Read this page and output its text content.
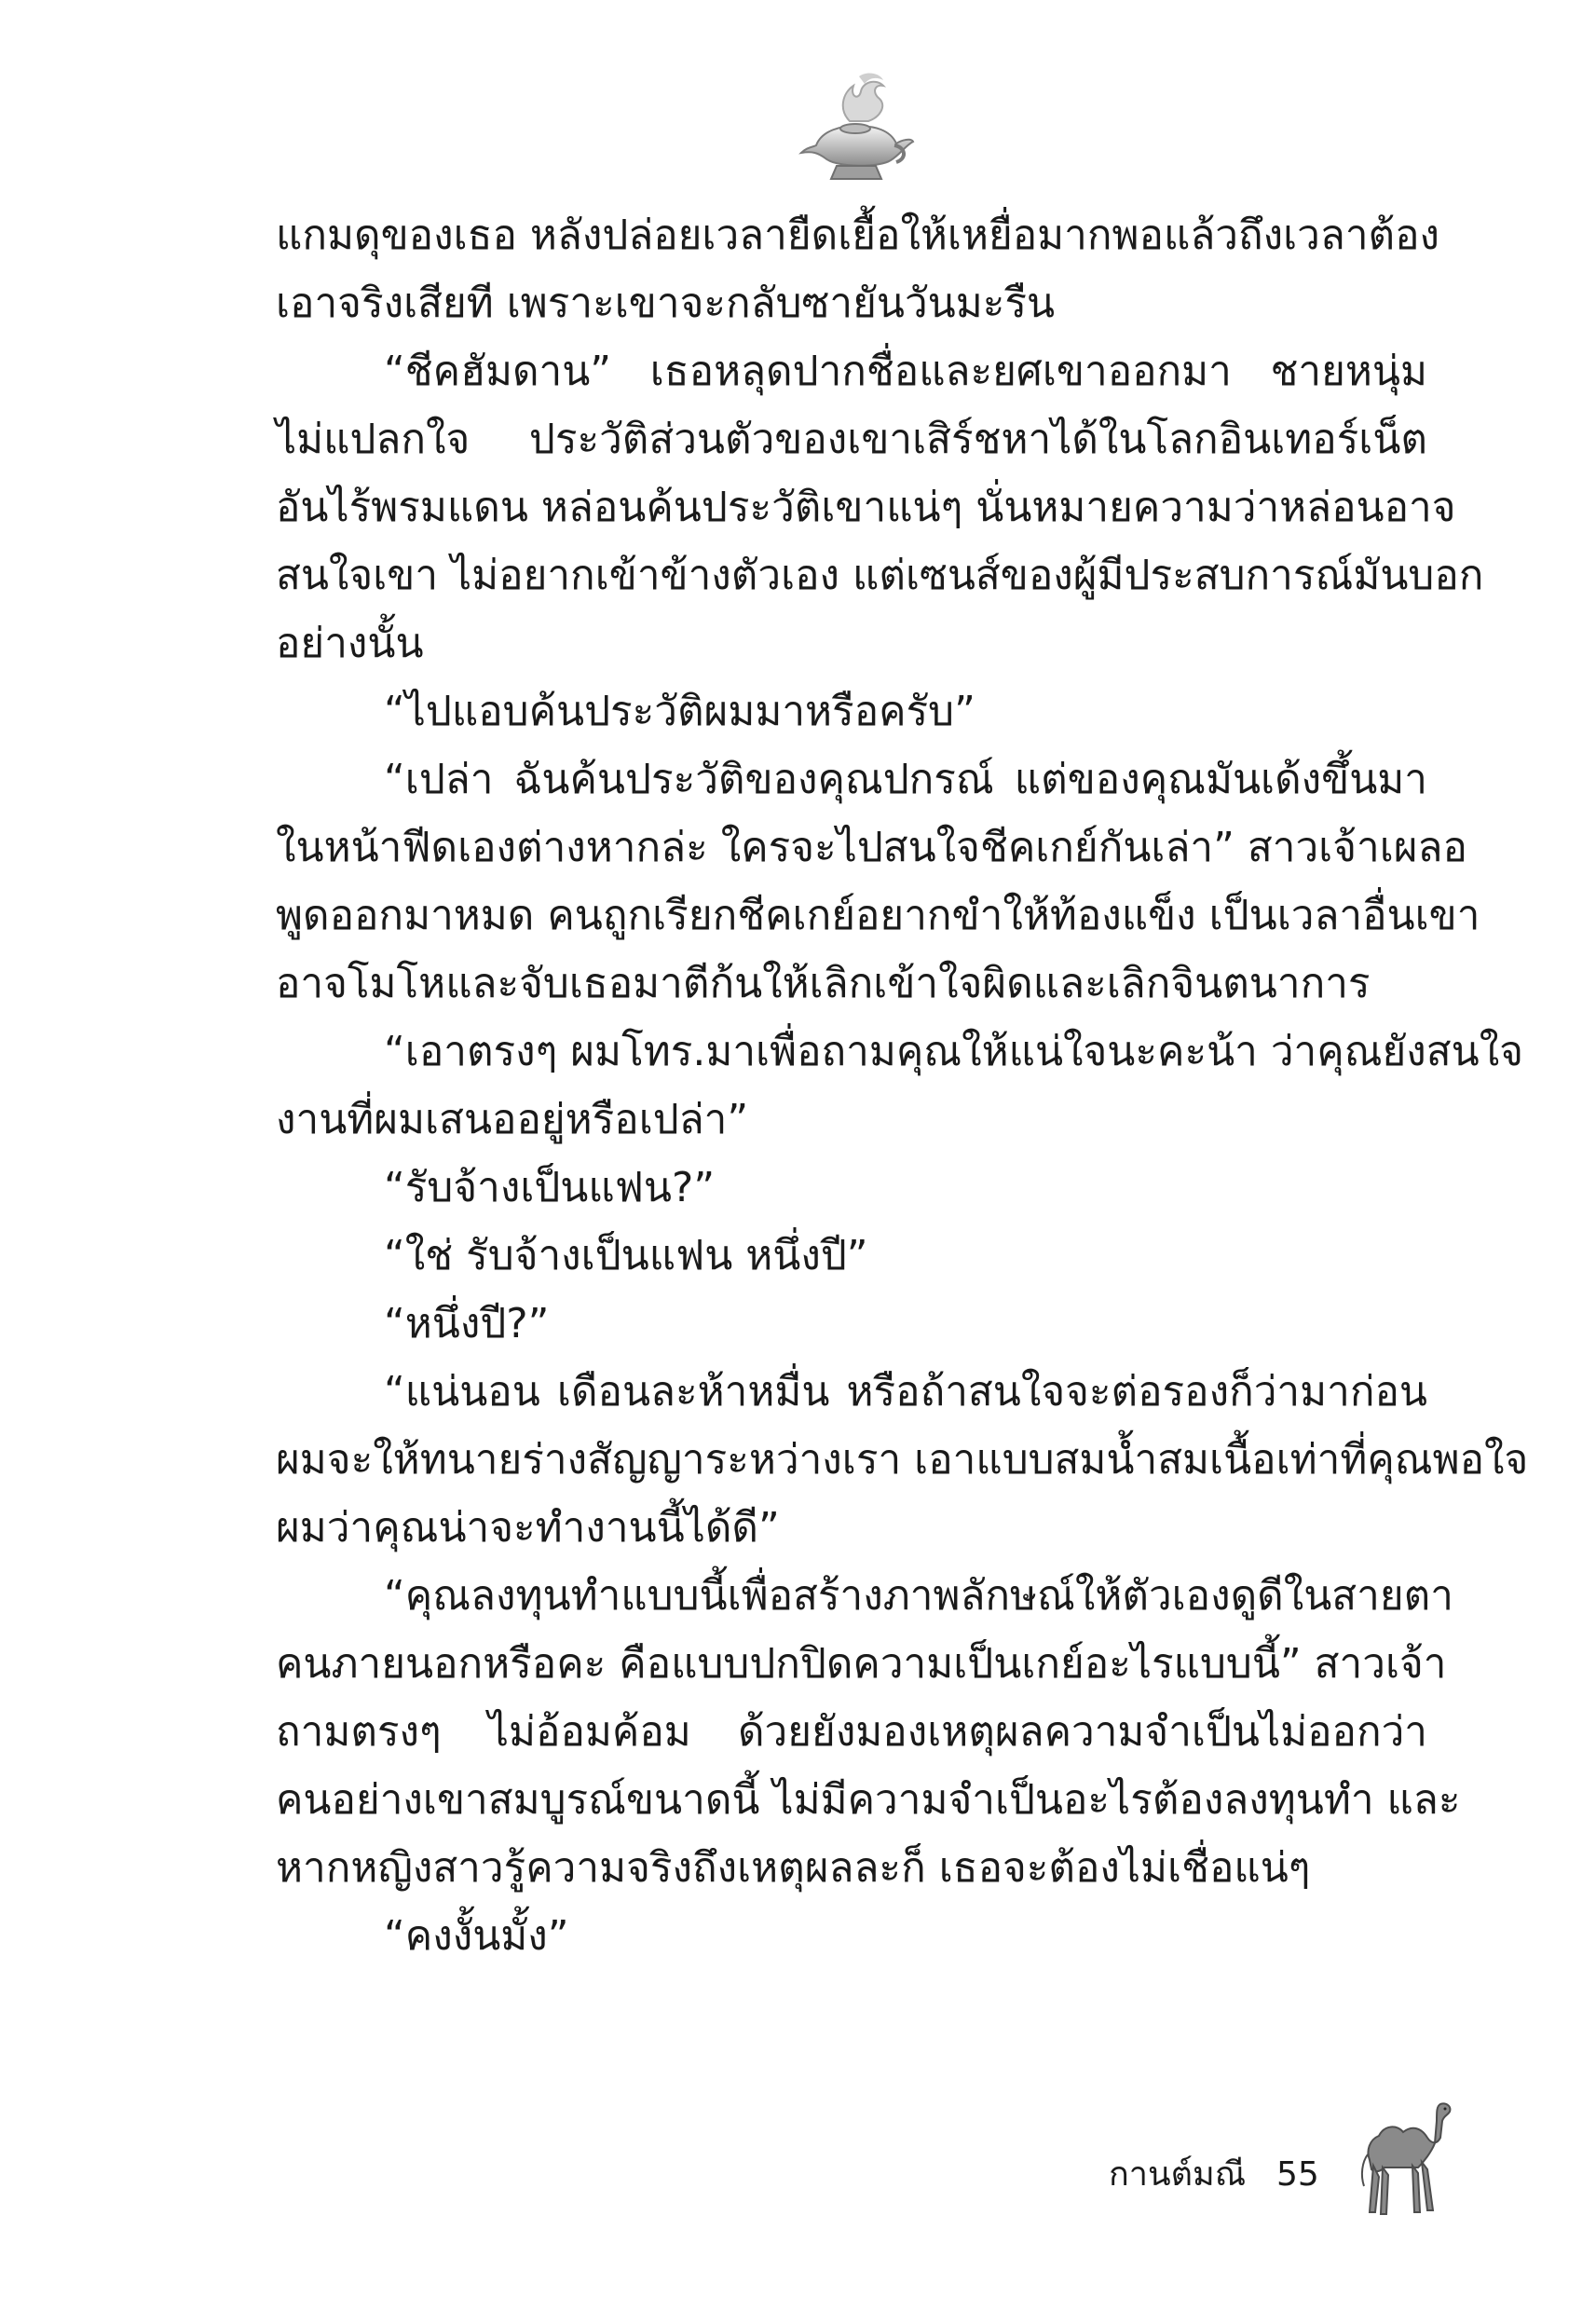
แกมดุของเธอ หลังปล่อยเวลายืดเยื้อให้เหยื่อมากพอแล้วถึงเวลาต้อง
เอาจริงเสียที เพราะเขาจะกลับซายันวันมะรืน
“ชีคฮัมดาน” เธอหลุดปากชื่อและยศเขาออกมา ชายหนุ่ม
ไม่แปลกใจ ประวัติส่วนตัวของเขาเสิร์ชหาได้ในโลกอินเทอร์เน็ต
อันไร้พรมแดน หล่อนค้นประวัติเขาแน่ๆ นั่นหมายความว่าหล่อนอาจ
สนใจเขา ไม่อยากเข้าข้างตัวเอง แต่เซนส์ของผู้มีประสบการณ์มันบอก
อย่างนั้น
“ไปแอบค้นประวัติผมมาหรือครับ”
“เปล่า ฉันค้นประวัติของคุณปกรณ์ แต่ของคุณมันเด้งขึ้นมา
ในหน้าฟีดเองต่างหากล่ะ ใครจะไปสนใจชีคเกย์กันเล่า” สาวเจ้าเผลอ
พูดออกมาหมด คนถูกเรียกชีคเกย์อยากขำให้ท้องแข็ง เป็นเวลาอื่นเขา
อาจโมโหและจับเธอมาตีก้นให้เลิกเข้าใจผิดและเลิกจินตนาการ
“เอาตรงๆ ผมโทร.มาเพื่อถามคุณให้แน่ใจนะคะน้า ว่าคุณยังสนใจ
งานที่ผมเสนออยู่หรือเปล่า”
“รับจ้างเป็นแฟน?”
“ใช่ รับจ้างเป็นแฟน หนึ่งปี”
“หนึ่งปี?”
“แน่นอน เดือนละห้าหมื่น หรือถ้าสนใจจะต่อรองก็ว่ามาก่อน
ผมจะให้ทนายร่างสัญญาระหว่างเรา เอาแบบสมน้ำสมเนื้อเท่าที่คุณพอใจ
ผมว่าคุณน่าจะทำงานนี้ได้ดี”
“คุณลงทุนทำแบบนี้เพื่อสร้างภาพลักษณ์ให้ตัวเองดูดีในสายตา
คนภายนอกหรือคะ คือแบบปกปิดความเป็นเกย์อะไรแบบนี้” สาวเจ้า
ถามตรงๆ ไม่อ้อมค้อม ด้วยยังมองเหตุผลความจำเป็นไม่ออกว่า
คนอย่างเขาสมบูรณ์ขนาดนี้ ไม่มีความจำเป็นอะไรต้องลงทุนทำ และ
หากหญิงสาวรู้ความจริงถึงเหตุผลละก็ เธอจะต้องไม่เชื่อแน่ๆ
“คงงั้นมั้ง”
กานต์มณี 55
